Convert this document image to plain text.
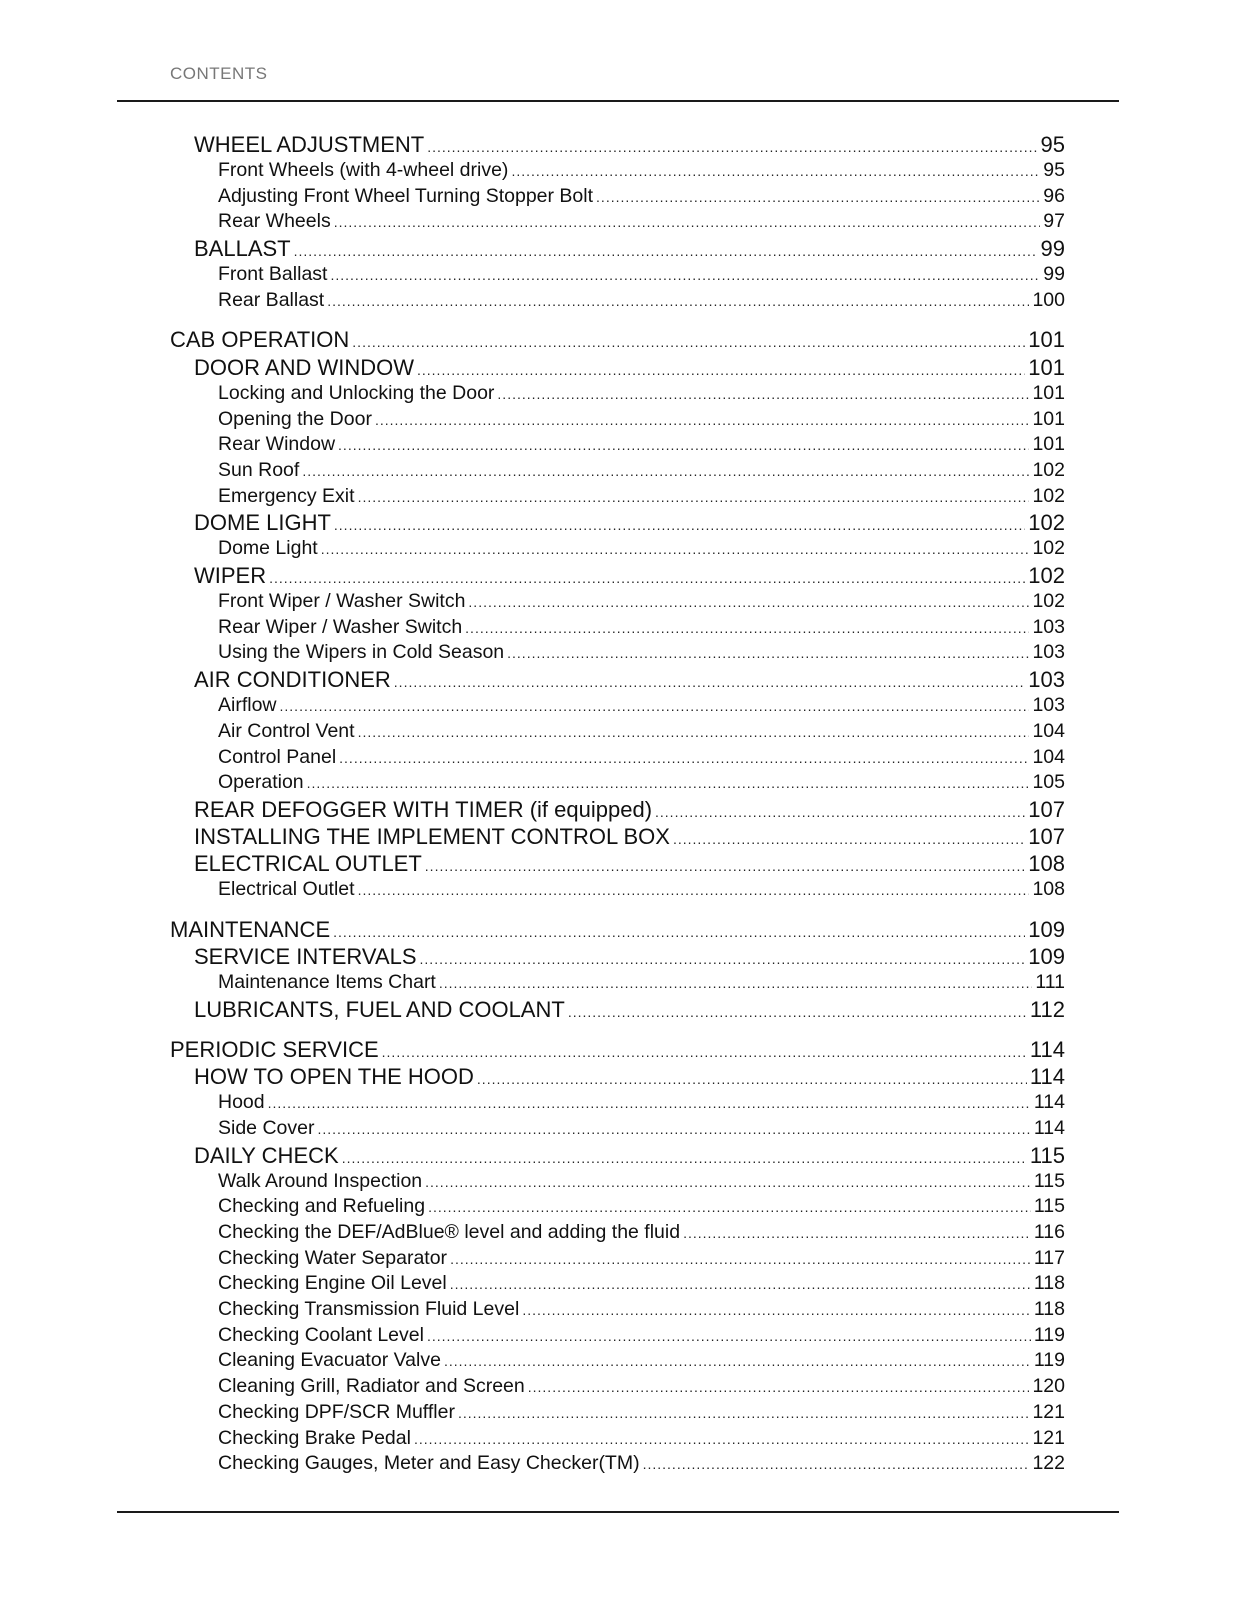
CONTENTS
WHEEL ADJUSTMENT .....	95
Front Wheels (with 4-wheel drive) .....	95
Adjusting Front Wheel Turning Stopper Bolt .....	96
Rear Wheels .....	97
BALLAST .....	99
Front Ballast .....	99
Rear Ballast .....	100
CAB OPERATION .....	101
DOOR AND WINDOW .....	101
Locking and Unlocking the Door .....	101
Opening the Door .....	101
Rear Window .....	101
Sun Roof .....	102
Emergency Exit .....	102
DOME LIGHT .....	102
Dome Light .....	102
WIPER .....	102
Front Wiper / Washer Switch .....	102
Rear Wiper / Washer Switch .....	103
Using the Wipers in Cold Season .....	103
AIR CONDITIONER .....	103
Airflow .....	103
Air Control Vent .....	104
Control Panel .....	104
Operation .....	105
REAR DEFOGGER WITH TIMER (if equipped) .....	107
INSTALLING THE IMPLEMENT CONTROL BOX .....	107
ELECTRICAL OUTLET .....	108
Electrical Outlet .....	108
MAINTENANCE .....	109
SERVICE INTERVALS .....	109
Maintenance Items Chart .....	111
LUBRICANTS, FUEL AND COOLANT .....	112
PERIODIC SERVICE .....	114
HOW TO OPEN THE HOOD .....	114
Hood .....	114
Side Cover .....	114
DAILY CHECK .....	115
Walk Around Inspection .....	115
Checking and Refueling .....	115
Checking the DEF/AdBlue® level and adding the fluid .....	116
Checking Water Separator .....	117
Checking Engine Oil Level .....	118
Checking Transmission Fluid Level .....	118
Checking Coolant Level .....	119
Cleaning Evacuator Valve .....	119
Cleaning Grill, Radiator and Screen .....	120
Checking DPF/SCR Muffler .....	121
Checking Brake Pedal .....	121
Checking Gauges, Meter and Easy Checker(TM) .....	122
